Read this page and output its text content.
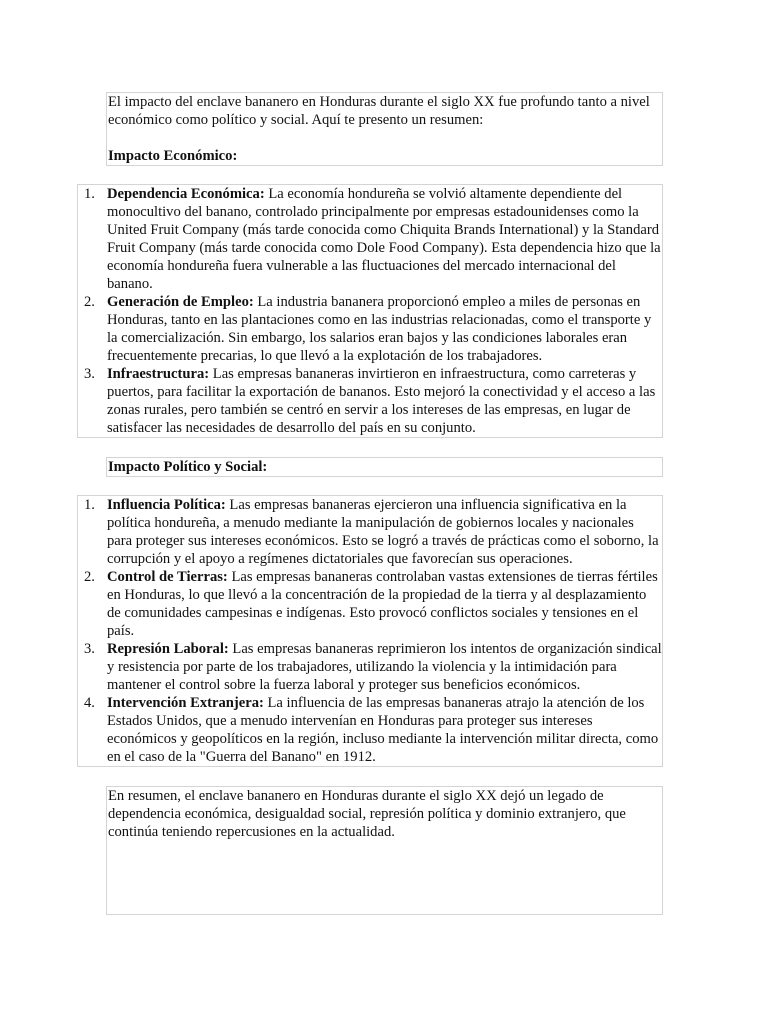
El impacto del enclave bananero en Honduras durante el siglo XX fue profundo tanto a nivel económico como político y social. Aquí te presento un resumen:

Impacto Económico:

1. Dependencia Económica: La economía hondureña se volvió altamente dependiente del monocultivo del banano, controlado principalmente por empresas estadounidenses como la United Fruit Company (más tarde conocida como Chiquita Brands International) y la Standard Fruit Company (más tarde conocida como Dole Food Company). Esta dependencia hizo que la economía hondureña fuera vulnerable a las fluctuaciones del mercado internacional del banano.
2. Generación de Empleo: La industria bananera proporcionó empleo a miles de personas en Honduras, tanto en las plantaciones como en las industrias relacionadas, como el transporte y la comercialización. Sin embargo, los salarios eran bajos y las condiciones laborales eran frecuentemente precarias, lo que llevó a la explotación de los trabajadores.
3. Infraestructura: Las empresas bananeras invirtieron en infraestructura, como carreteras y puertos, para facilitar la exportación de bananos. Esto mejoró la conectividad y el acceso a las zonas rurales, pero también se centró en servir a los intereses de las empresas, en lugar de satisfacer las necesidades de desarrollo del país en su conjunto.

Impacto Político y Social:

1. Influencia Política: Las empresas bananeras ejercieron una influencia significativa en la política hondureña, a menudo mediante la manipulación de gobiernos locales y nacionales para proteger sus intereses económicos. Esto se logró a través de prácticas como el soborno, la corrupción y el apoyo a regímenes dictatoriales que favorecían sus operaciones.
2. Control de Tierras: Las empresas bananeras controlaban vastas extensiones de tierras fértiles en Honduras, lo que llevó a la concentración de la propiedad de la tierra y al desplazamiento de comunidades campesinas e indígenas. Esto provocó conflictos sociales y tensiones en el país.
3. Represión Laboral: Las empresas bananeras reprimieron los intentos de organización sindical y resistencia por parte de los trabajadores, utilizando la violencia y la intimidación para mantener el control sobre la fuerza laboral y proteger sus beneficios económicos.
4. Intervención Extranjera: La influencia de las empresas bananeras atrajo la atención de los Estados Unidos, que a menudo intervenían en Honduras para proteger sus intereses económicos y geopolíticos en la región, incluso mediante la intervención militar directa, como en el caso de la "Guerra del Banano" en 1912.

En resumen, el enclave bananero en Honduras durante el siglo XX dejó un legado de dependencia económica, desigualdad social, represión política y dominio extranjero, que continúa teniendo repercusiones en la actualidad.
